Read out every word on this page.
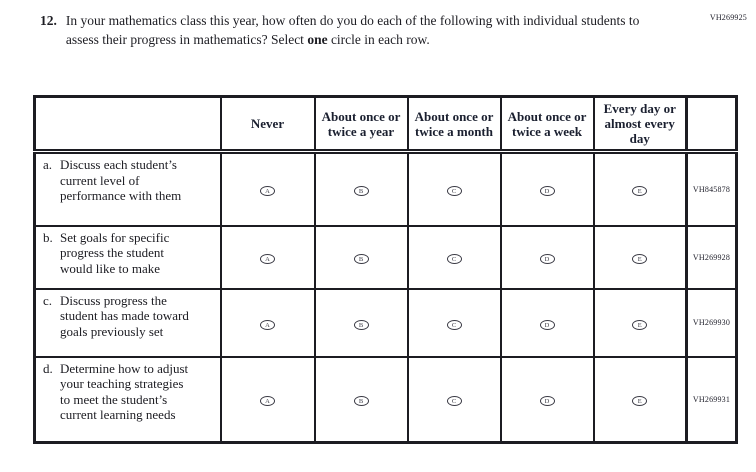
VH269925
12. In your mathematics class this year, how often do you do each of the following with individual students to assess their progress in mathematics? Select one circle in each row.
	Never	About once or twice a year	About once or twice a month	About once or twice a week	Every day or almost every day	

a. Discuss each student’s current level of performance with them	A	B	C	D	E	VH845878

b. Set goals for specific progress the student would like to make	A	B	C	D	E	VH269928

c. Discuss progress the student has made toward goals previously set	A	B	C	D	E	VH269930

d. Determine how to adjust your teaching strategies to meet the student’s current learning needs	A	B	C	D	E	VH269931
